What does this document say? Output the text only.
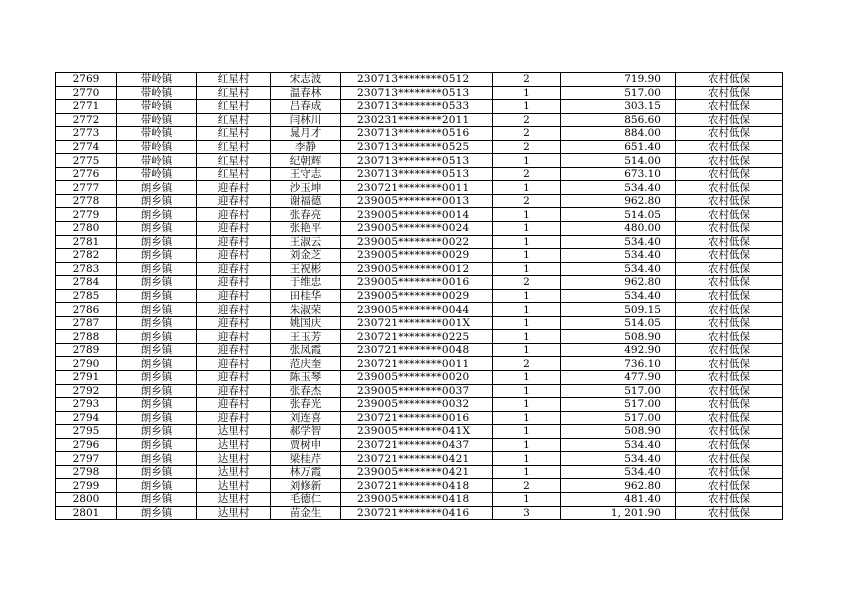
2769	带岭镇	红星村	宋志波	230713********0512	2	719.90	农村低保
2770	带岭镇	红星村	温春林	230713********0513	1	517.00	农村低保
2771	带岭镇	红星村	吕春成	230713********0533	1	303.15	农村低保
2772	带岭镇	红星村	闫林川	230231********2011	2	856.60	农村低保
2773	带岭镇	红星村	晁月才	230713********0516	2	884.00	农村低保
2774	带岭镇	红星村	李静	230713********0525	2	651.40	农村低保
2775	带岭镇	红星村	纪朝辉	230713********0513	1	514.00	农村低保
2776	带岭镇	红星村	王守志	230713********0513	2	673.10	农村低保
2777	朗乡镇	迎春村	沙玉坤	230721********0011	1	534.40	农村低保
2778	朗乡镇	迎春村	谢福德	239005********0013	2	962.80	农村低保
2779	朗乡镇	迎春村	张春亮	239005********0014	1	514.05	农村低保
2780	朗乡镇	迎春村	张艳平	239005********0024	1	480.00	农村低保
2781	朗乡镇	迎春村	王淑云	239005********0022	1	534.40	农村低保
2782	朗乡镇	迎春村	刘金芝	239005********0029	1	534.40	农村低保
2783	朗乡镇	迎春村	王祝彬	239005********0012	1	534.40	农村低保
2784	朗乡镇	迎春村	于维忠	239005********0016	2	962.80	农村低保
2785	朗乡镇	迎春村	田桂华	239005********0029	1	534.40	农村低保
2786	朗乡镇	迎春村	朱淑荣	239005********0044	1	509.15	农村低保
2787	朗乡镇	迎春村	姚国庆	230721********001X	1	514.05	农村低保
2788	朗乡镇	迎春村	王玉芳	230721********0225	1	508.90	农村低保
2789	朗乡镇	迎春村	张凤霞	230721********0048	1	492.90	农村低保
2790	朗乡镇	迎春村	范庆奎	230721********0011	2	736.10	农村低保
2791	朗乡镇	迎春村	陈玉琴	239005********0020	1	477.90	农村低保
2792	朗乡镇	迎春村	张春杰	239005********0037	1	517.00	农村低保
2793	朗乡镇	迎春村	张春光	239005********0032	1	517.00	农村低保
2794	朗乡镇	迎春村	刘连喜	230721********0016	1	517.00	农村低保
2795	朗乡镇	达里村	郝学智	239005********041X	1	508.90	农村低保
2796	朗乡镇	达里村	贾树申	230721********0437	1	534.40	农村低保
2797	朗乡镇	达里村	梁桂芹	230721********0421	1	534.40	农村低保
2798	朗乡镇	达里村	林万霞	239005********0421	1	534.40	农村低保
2799	朗乡镇	达里村	刘修新	230721********0418	2	962.80	农村低保
2800	朗乡镇	达里村	毛德仁	239005********0418	1	481.40	农村低保
2801	朗乡镇	达里村	苗金生	230721********0416	3	1, 201.90	农村低保
